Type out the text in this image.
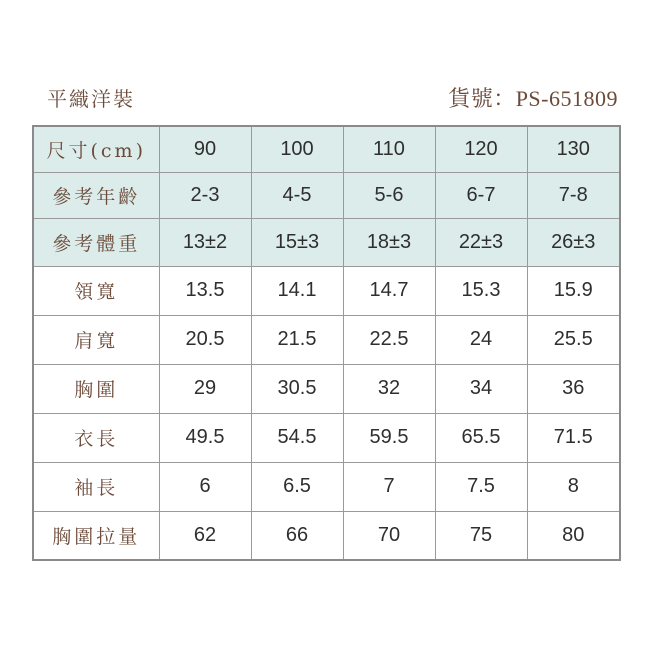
平織洋裝	貨號：PS-651809
尺寸(cm)	90	100	110	120	130
參考年齡	2-3	4-5	5-6	6-7	7-8
參考體重	13±2	15±3	18±3	22±3	26±3
領寬	13.5	14.1	14.7	15.3	15.9
肩寬	20.5	21.5	22.5	24	25.5
胸圍	29	30.5	32	34	36
衣長	49.5	54.5	59.5	65.5	71.5
袖長	6	6.5	7	7.5	8
胸圍拉量	62	66	70	75	80
